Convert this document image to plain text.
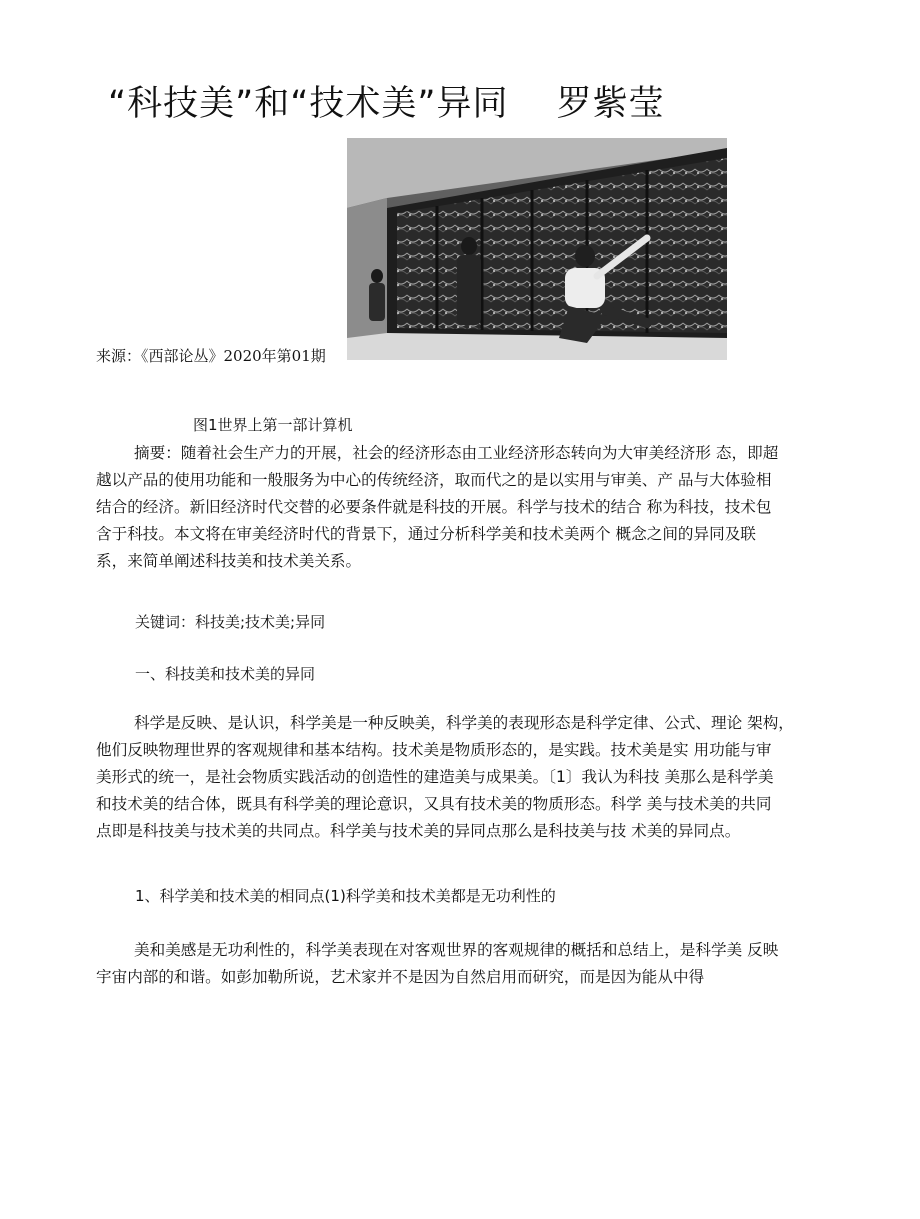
“科技美”和“技术美”异同　 罗紫莹
来源：《西部论丛》2020年第01期
图1世界上第一部计算机

摘要：随着社会生产力的开展，社会的经济形态由工业经济形态转向为大审美经济形 态，即超
越以产品的使用功能和一般服务为中心的传统经济，取而代之的是以实用与审美、产 品与大体验相
结合的经济。新旧经济时代交替的必要条件就是科技的开展。科学与技术的结合 称为科技，技术包
含于科技。本文将在审美经济时代的背景下，通过分析科学美和技术美两个 概念之间的异同及联
系，来简单阐述科技美和技术美关系。

关键词：科技美;技术美;异同

一、科技美和技术美的异同

科学是反映、是认识，科学美是一种反映美，科学美的表现形态是科学定律、公式、理论 架构，
他们反映物理世界的客观规律和基本结构。技术美是物质形态的，是实践。技术美是实 用功能与审
美形式的统一，是社会物质实践活动的创造性的建造美与成果美。〔1〕我认为科技 美那么是科学美
和技术美的结合体，既具有科学美的理论意识，又具有技术美的物质形态。科学 美与技术美的共同
点即是科技美与技术美的共同点。科学美与技术美的异同点那么是科技美与技 术美的异同点。

1、科学美和技术美的相同点(1)科学美和技术美都是无功利性的

美和美感是无功利性的，科学美表现在对客观世界的客观规律的概括和总结上，是科学美 反映
宇宙内部的和谐。如彭加勒所说，艺术家并不是因为自然启用而研究，而是因为能从中得
